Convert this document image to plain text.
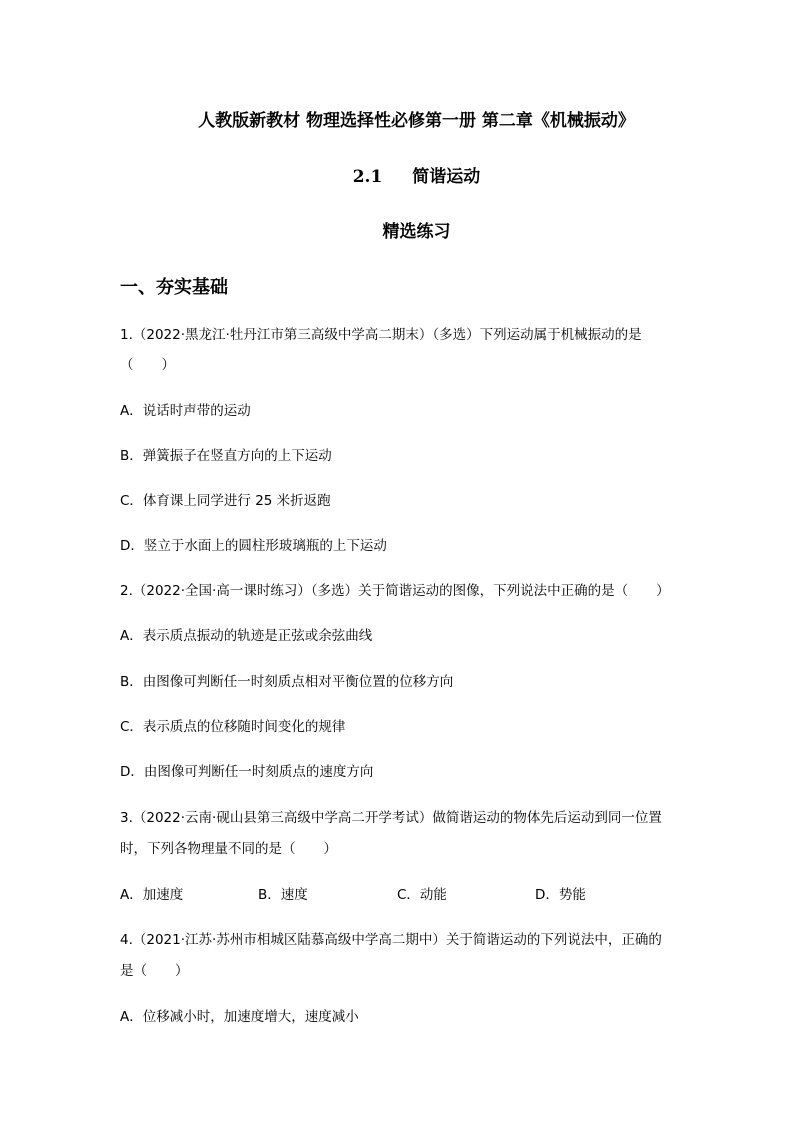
人教版新教材 物理选择性必修第一册 第二章《机械振动》
2.1 简谐运动
精选练习
一、夯实基础
1.（2022·黑龙江·牡丹江市第三高级中学高二期末）（多选）下列运动属于机械振动的是
（ ）
A．说话时声带的运动
B．弹簧振子在竖直方向的上下运动
C．体育课上同学进行 25 米折返跑
D．竖立于水面上的圆柱形玻璃瓶的上下运动
2.（2022·全国·高一课时练习）（多选）关于简谐运动的图像，下列说法中正确的是（ ）
A．表示质点振动的轨迹是正弦或余弦曲线
B．由图像可判断任一时刻质点相对平衡位置的位移方向
C．表示质点的位移随时间变化的规律
D．由图像可判断任一时刻质点的速度方向
3.（2022·云南·砚山县第三高级中学高二开学考试）做简谐运动的物体先后运动到同一位置
时，下列各物理量不同的是（ ）
A．加速度	B．速度	C．动能	D．势能
4.（2021·江苏·苏州市相城区陆慕高级中学高二期中）关于简谐运动的下列说法中，正确的
是（ ）
A．位移减小时，加速度增大，速度减小
